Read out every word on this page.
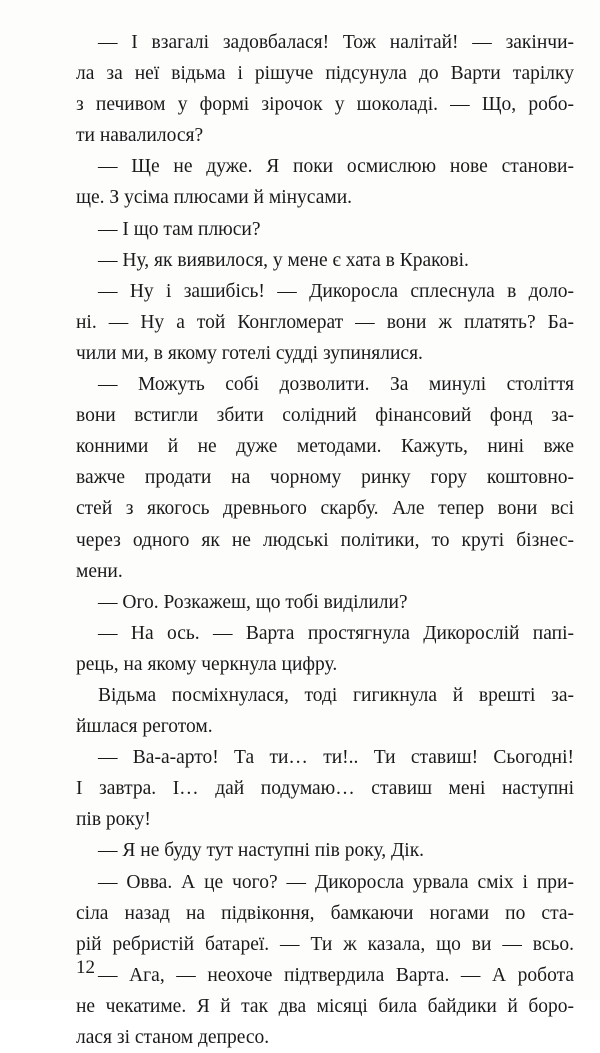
— І взагалі задовбалася! Тож налітай! — закінчи-
ла за неї відьма і рішуче підсунула до Варти тарілку
з печивом у формі зірочок у шоколаді. — Що, робо-
ти навалилося?
— Ще не дуже. Я поки осмислюю нове станови-
ще. З усіма плюсами й мінусами.
— І що там плюси?
— Ну, як виявилося, у мене є хата в Кракові.
— Ну і зашибісь! — Дикоросла сплеснула в доло-
ні. — Ну а той Конгломерат — вони ж платять? Ба-
чили ми, в якому готелі судді зупинялися.
— Можуть собі дозволити. За минулі століття
вони встигли збити солідний фінансовий фонд за-
конними й не дуже методами. Кажуть, нині вже
важче продати на чорному ринку гору коштовно-
стей з якогось древнього скарбу. Але тепер вони всі
через одного як не людські політики, то круті бізнес-
мени.
— Ого. Розкажеш, що тобі виділили?
— На ось. — Варта простягнула Дикорослій папі-
рець, на якому черкнула цифру.
Відьма посміхнулася, тоді гигикнула й врешті за-
йшлася реготом.
— Ва-а-арто! Та ти… ти!.. Ти ставиш! Сьогодні!
І завтра. І… дай подумаю… ставиш мені наступні
пів року!
— Я не буду тут наступні пів року, Дік.
— Овва. А це чого? — Дикоросла урвала сміх і при-
сіла назад на підвіконня, бамкаючи ногами по ста-
рій ребристій батареї. — Ти ж казала, що ви — всьо.
— Ага, — неохоче підтвердила Варта. — А робота
не чекатиме. Я й так два місяці била байдики й боро-
лася зі станом депресо.
12
